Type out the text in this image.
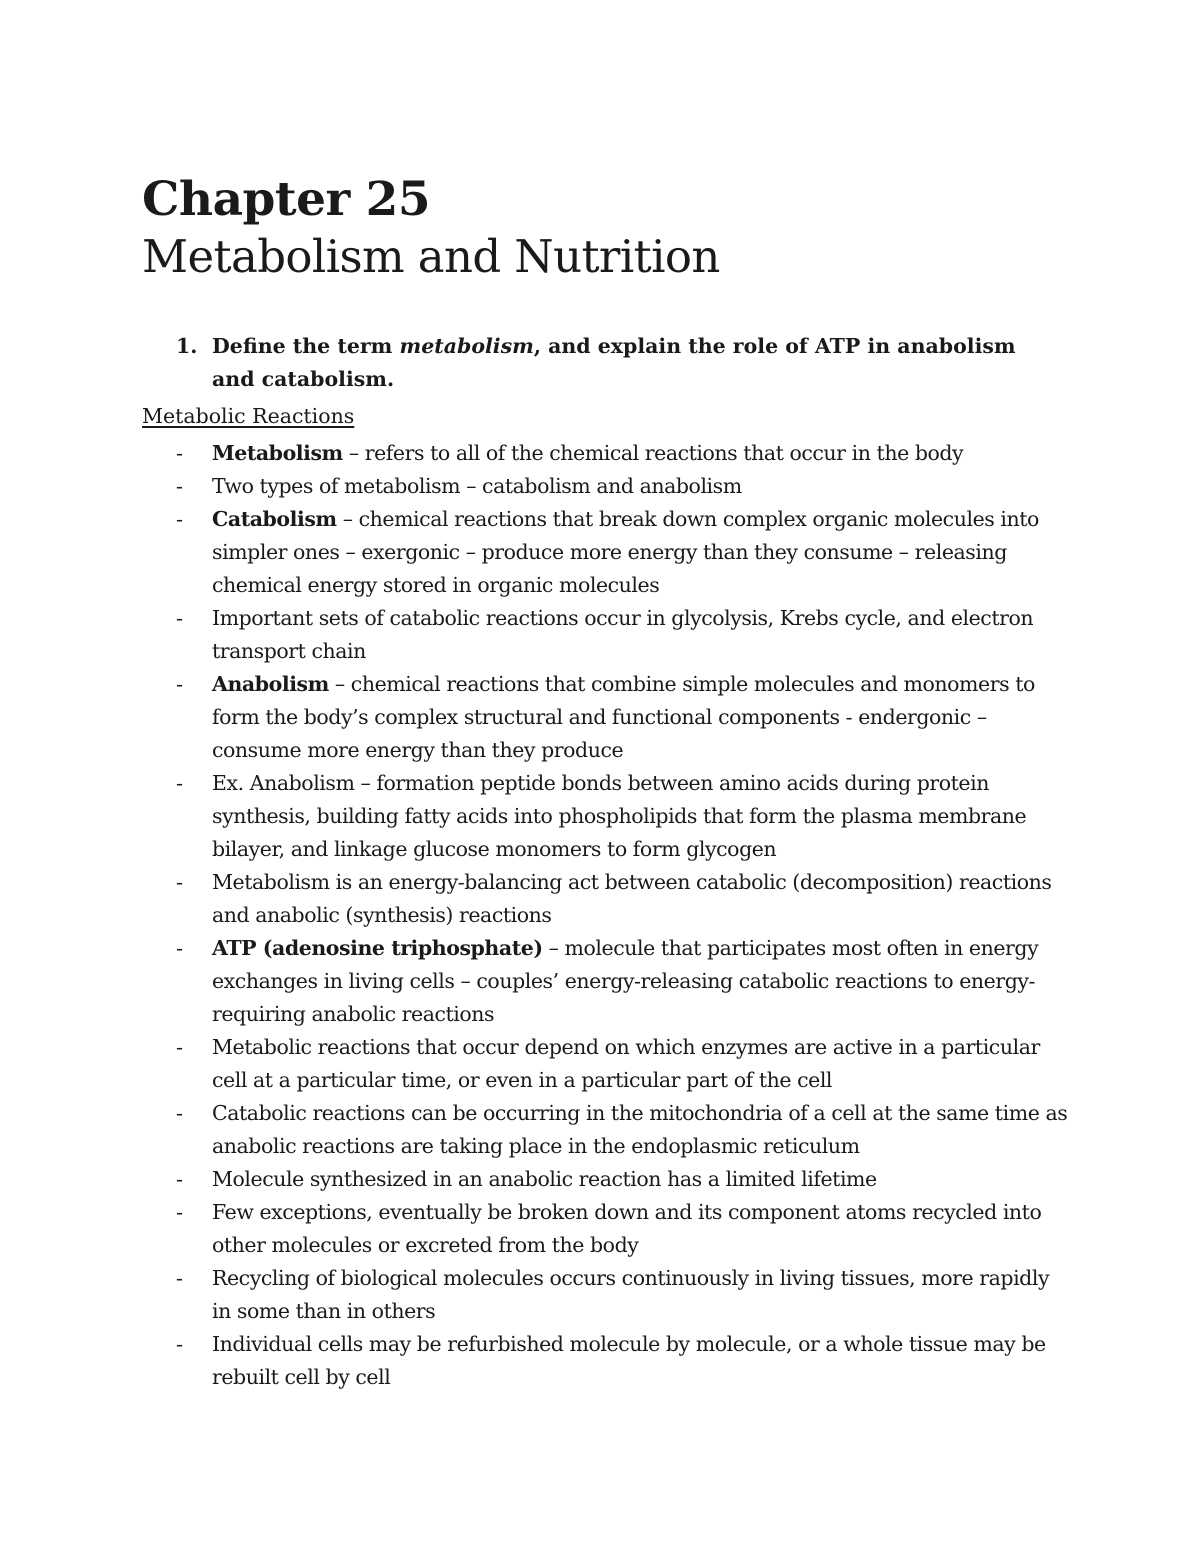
Chapter 25
Metabolism and Nutrition
1. Define the term metabolism, and explain the role of ATP in anabolism and catabolism.
Metabolic Reactions
- Metabolism – refers to all of the chemical reactions that occur in the body
- Two types of metabolism – catabolism and anabolism
- Catabolism – chemical reactions that break down complex organic molecules into simpler ones – exergonic – produce more energy than they consume – releasing chemical energy stored in organic molecules
- Important sets of catabolic reactions occur in glycolysis, Krebs cycle, and electron transport chain
- Anabolism – chemical reactions that combine simple molecules and monomers to form the body’s complex structural and functional components - endergonic – consume more energy than they produce
- Ex. Anabolism – formation peptide bonds between amino acids during protein synthesis, building fatty acids into phospholipids that form the plasma membrane bilayer, and linkage glucose monomers to form glycogen
- Metabolism is an energy-balancing act between catabolic (decomposition) reactions and anabolic (synthesis) reactions
- ATP (adenosine triphosphate) – molecule that participates most often in energy exchanges in living cells – couples’ energy-releasing catabolic reactions to energy-requiring anabolic reactions
- Metabolic reactions that occur depend on which enzymes are active in a particular cell at a particular time, or even in a particular part of the cell
- Catabolic reactions can be occurring in the mitochondria of a cell at the same time as anabolic reactions are taking place in the endoplasmic reticulum
- Molecule synthesized in an anabolic reaction has a limited lifetime
- Few exceptions, eventually be broken down and its component atoms recycled into other molecules or excreted from the body
- Recycling of biological molecules occurs continuously in living tissues, more rapidly in some than in others
- Individual cells may be refurbished molecule by molecule, or a whole tissue may be rebuilt cell by cell
